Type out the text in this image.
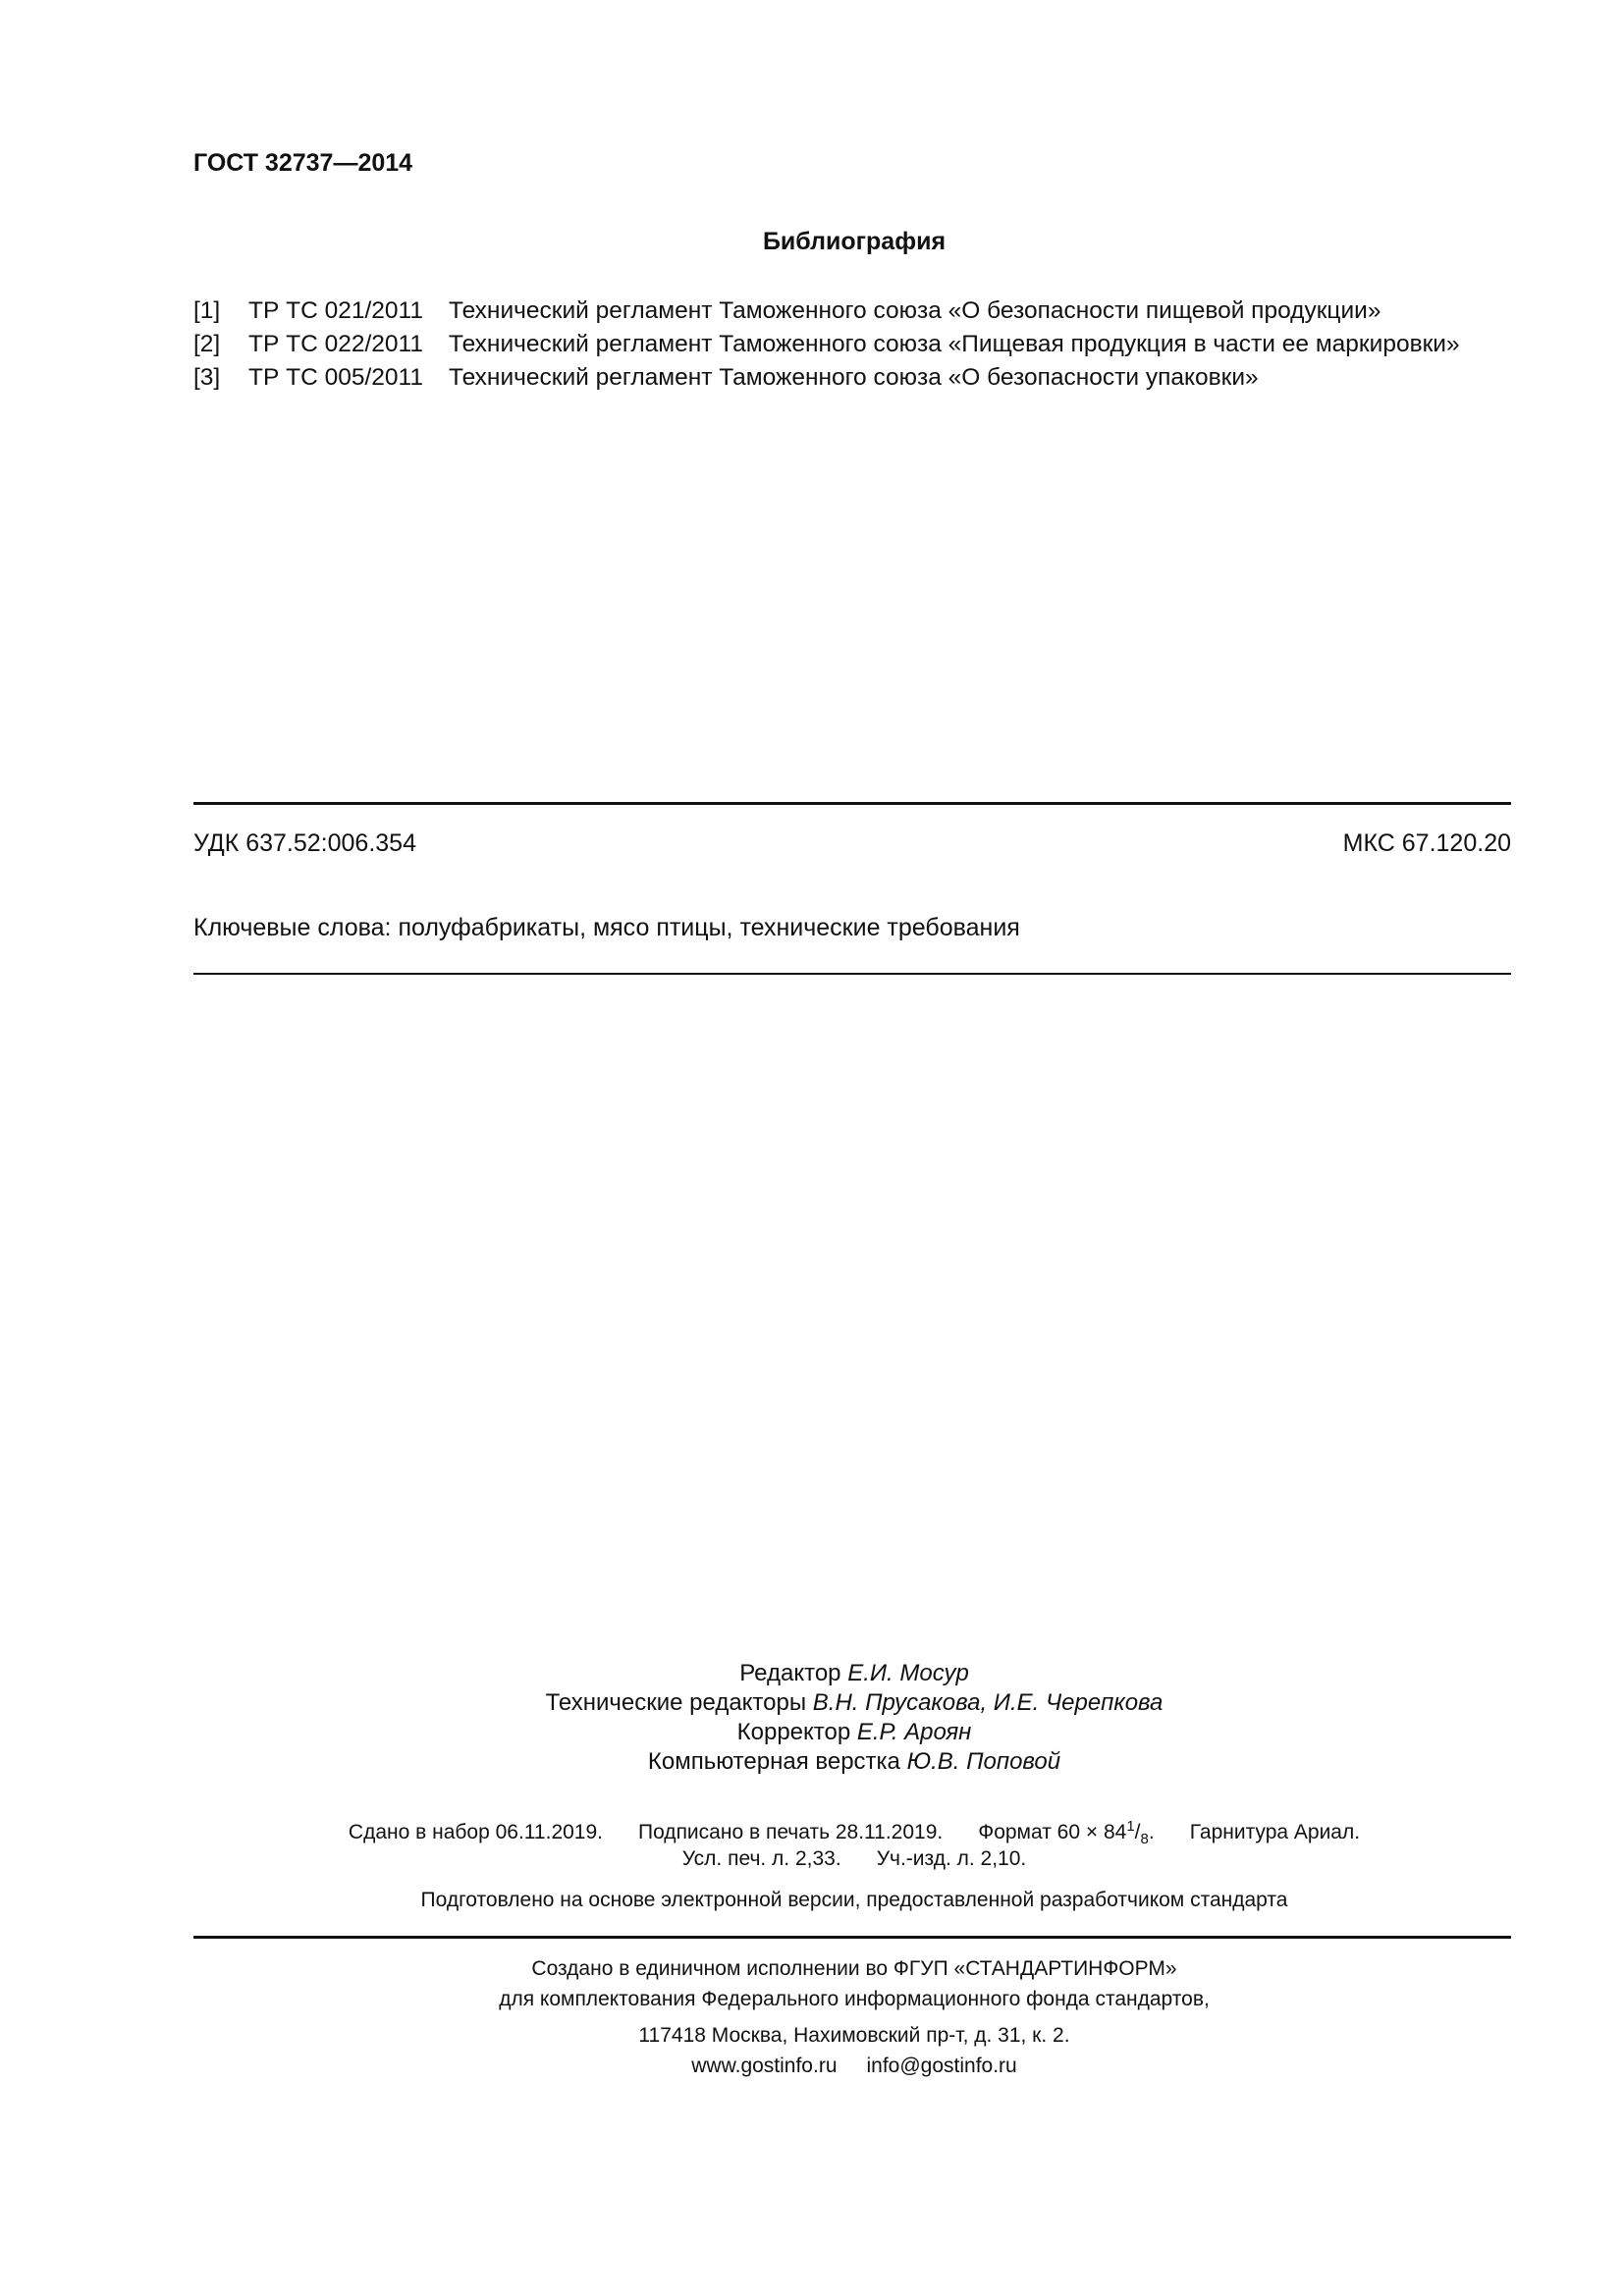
ГОСТ 32737—2014
Библиография
[1] ТР ТС 021/2011 Технический регламент Таможенного союза «О безопасности пищевой продукции»
[2] ТР ТС 022/2011 Технический регламент Таможенного союза «Пищевая продукция в части ее маркировки»
[3] ТР ТС 005/2011 Технический регламент Таможенного союза «О безопасности упаковки»
УДК 637.52:006.354	МКС 67.120.20
Ключевые слова: полуфабрикаты, мясо птицы, технические требования
Редактор Е.И. Мосур
Технические редакторы В.Н. Прусакова, И.Е. Черепкова
Корректор Е.Р. Ароян
Компьютерная верстка Ю.В. Поповой
Сдано в набор 06.11.2019. Подписано в печать 28.11.2019. Формат $60 \times 84^1/_8$. Гарнитура Ариал.
Усл. печ. л. 2,33. Уч.-изд. л. 2,10.
Подготовлено на основе электронной версии, предоставленной разработчиком стандарта
Создано в единичном исполнении во ФГУП «СТАНДАРТИНФОРМ»
для комплектования Федерального информационного фонда стандартов,
117418 Москва, Нахимовский пр-т, д. 31, к. 2.
www.gostinfo.ru info@gostinfo.ru
